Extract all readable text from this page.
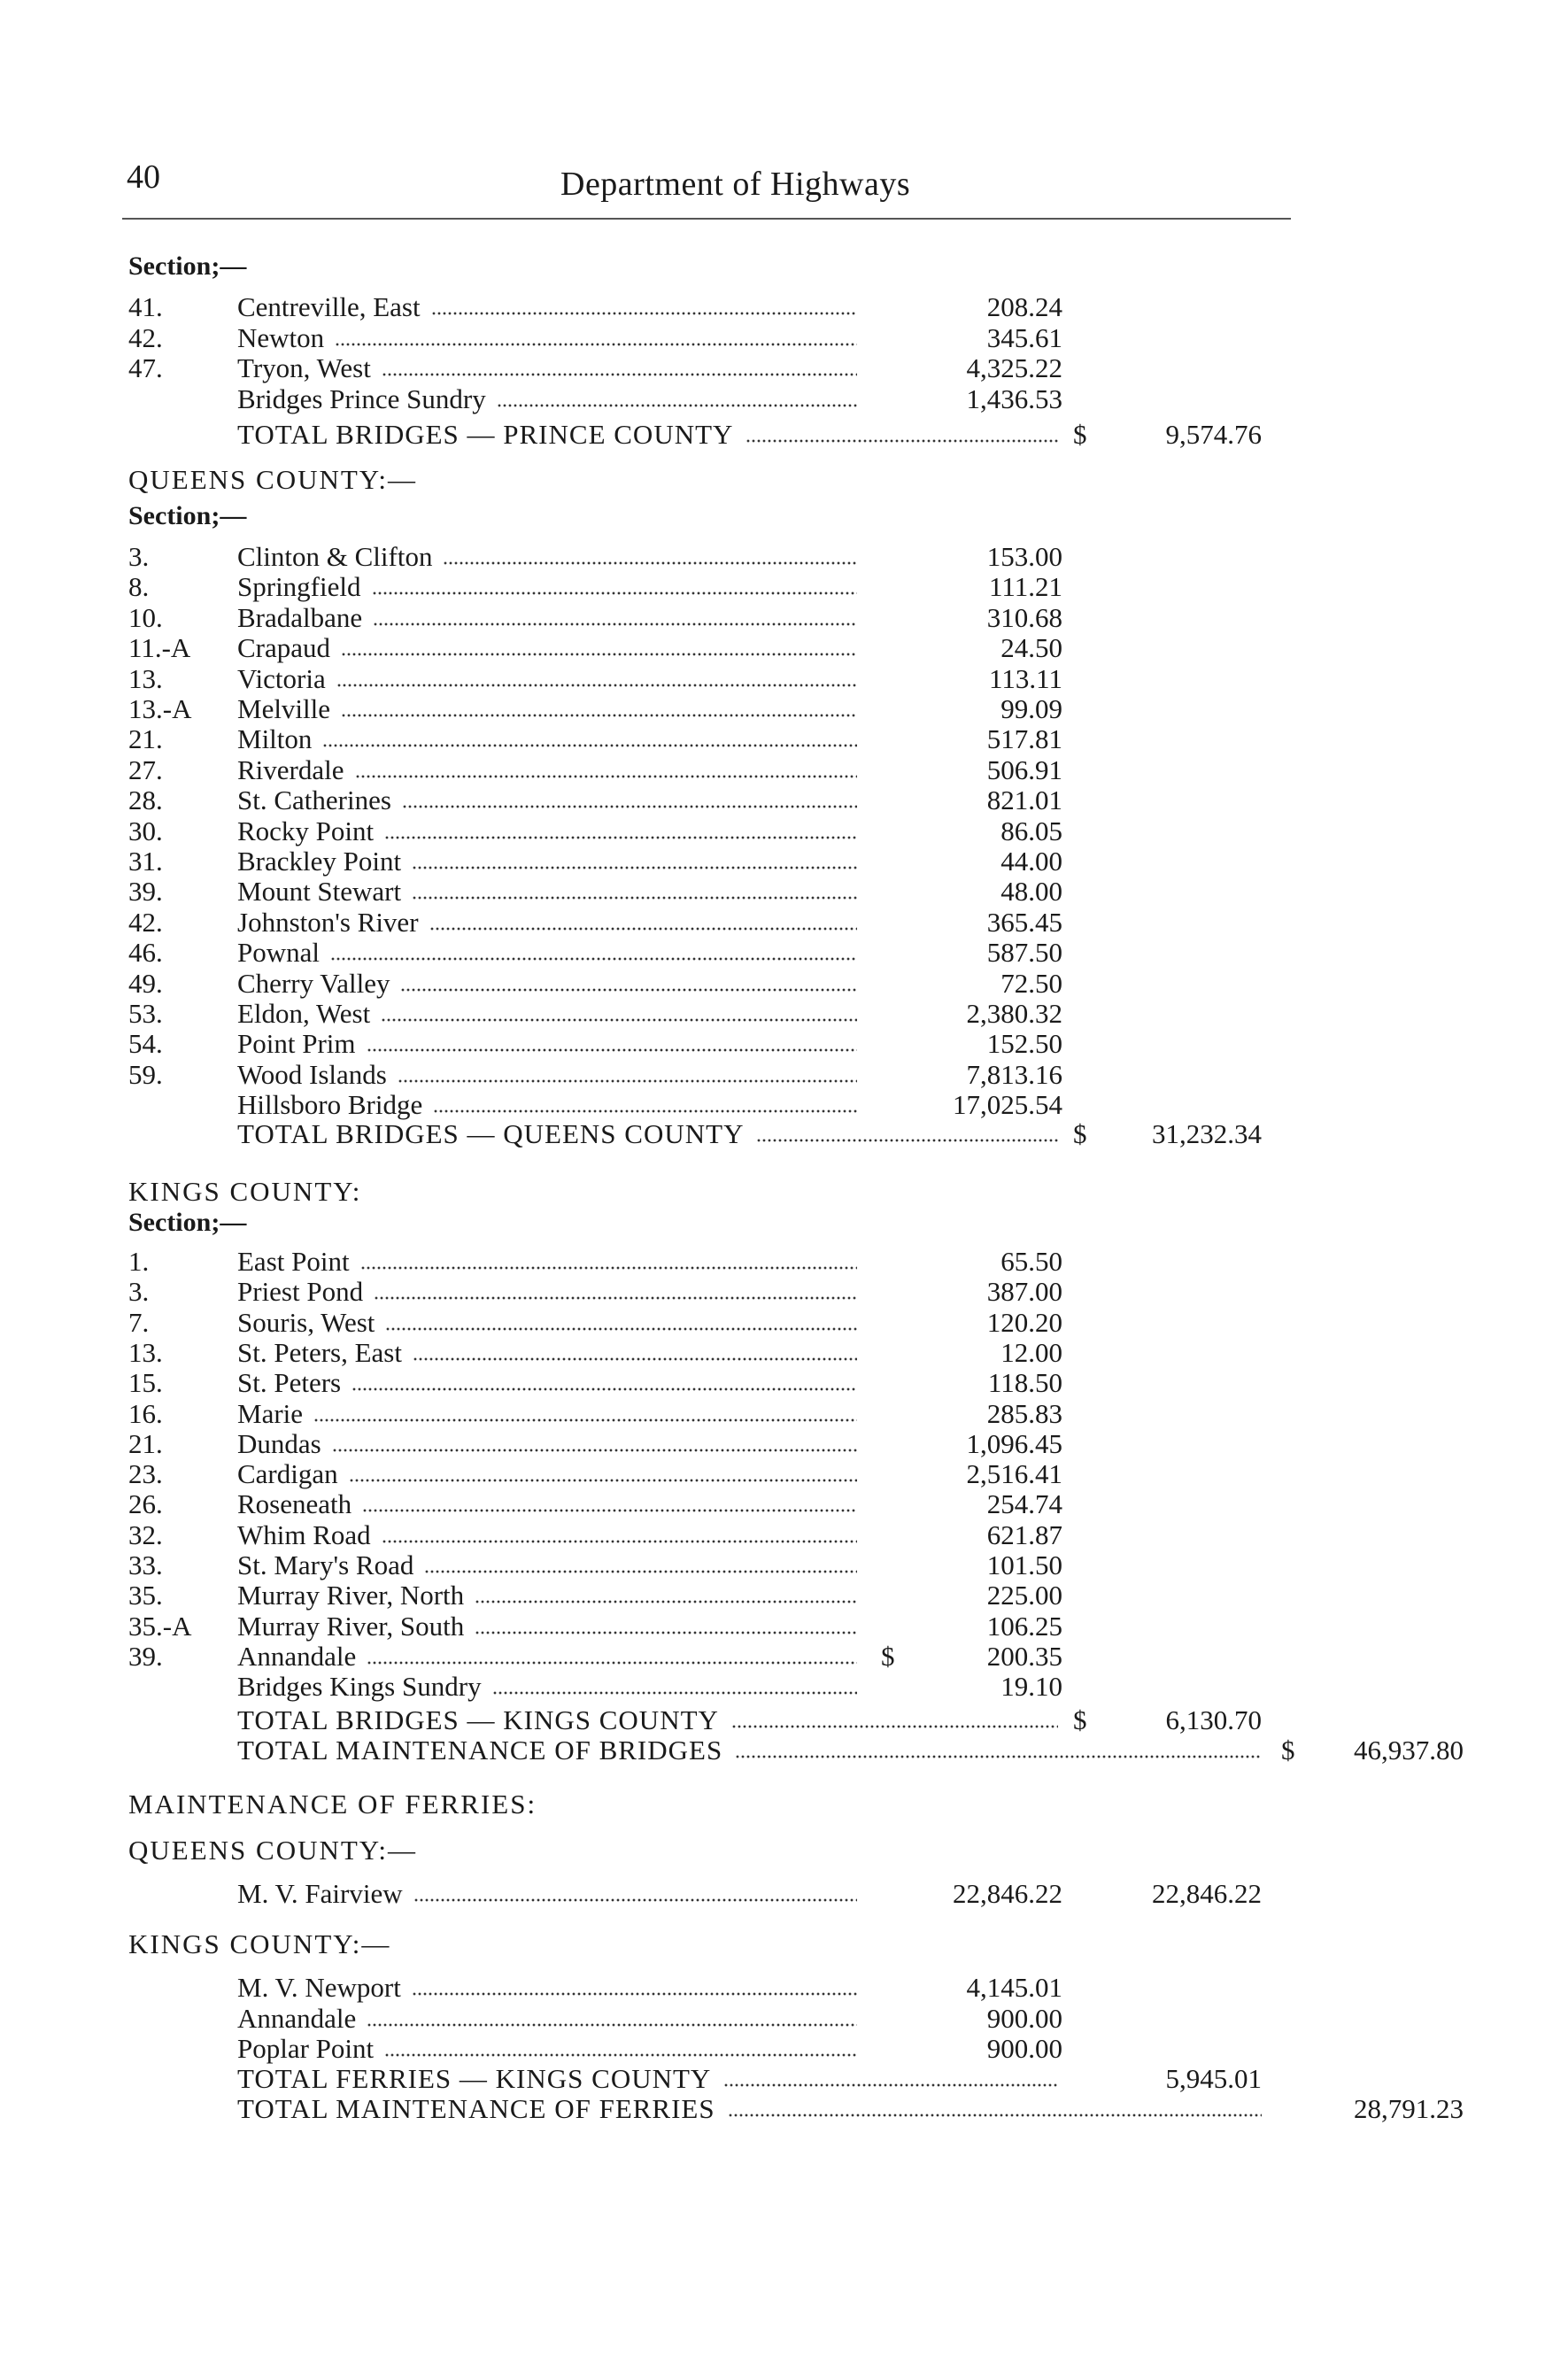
40	Department of Highways
Section;—
41.	Centreville, East	208.24
42.	Newton	345.61
47.	Tryon, West	4,325.22
Bridges Prince Sundry	1,436.53
TOTAL BRIDGES — PRINCE COUNTY	$	9,574.76
QUEENS COUNTY:—
Section;—
3.	Clinton & Clifton	153.00
8.	Springfield	111.21
10.	Bradalbane	310.68
11.-A	Crapaud	24.50
13.	Victoria	113.11
13.-A	Melville	99.09
21.	Milton	517.81
27.	Riverdale	506.91
28.	St. Catherines	821.01
30.	Rocky Point	86.05
31.	Brackley Point	44.00
39.	Mount Stewart	48.00
42.	Johnston's River	365.45
46.	Pownal	587.50
49.	Cherry Valley	72.50
53.	Eldon, West	2,380.32
54.	Point Prim	152.50
59.	Wood Islands	7,813.16
Hillsboro Bridge	17,025.54
TOTAL BRIDGES — QUEENS COUNTY	$ 31,232.34
KINGS COUNTY:
Section;—
1.	East Point	65.50
3.	Priest Pond	387.00
7.	Souris, West	120.20
13.	St. Peters, East	12.00
15.	St. Peters	118.50
16.	Marie	285.83
21.	Dundas	1,096.45
23.	Cardigan	2,516.41
26.	Roseneath	254.74
32.	Whim Road	621.87
33.	St. Mary's Road	101.50
35.	Murray River, North	225.00
35.-A	Murray River, South	106.25
39.	Annandale	$	200.35
Bridges Kings Sundry	19.10
TOTAL BRIDGES — KINGS COUNTY	$	6,130.70
TOTAL MAINTENANCE OF BRIDGES	$ 46,937.80
MAINTENANCE OF FERRIES:
QUEENS COUNTY:—
M. V. Fairview	22,846.22	22,846.22
KINGS COUNTY:—
M. V. Newport	4,145.01
Annandale	900.00
Poplar Point	900.00
TOTAL FERRIES — KINGS COUNTY	5,945.01
TOTAL MAINTENANCE OF FERRIES	28,791.23
